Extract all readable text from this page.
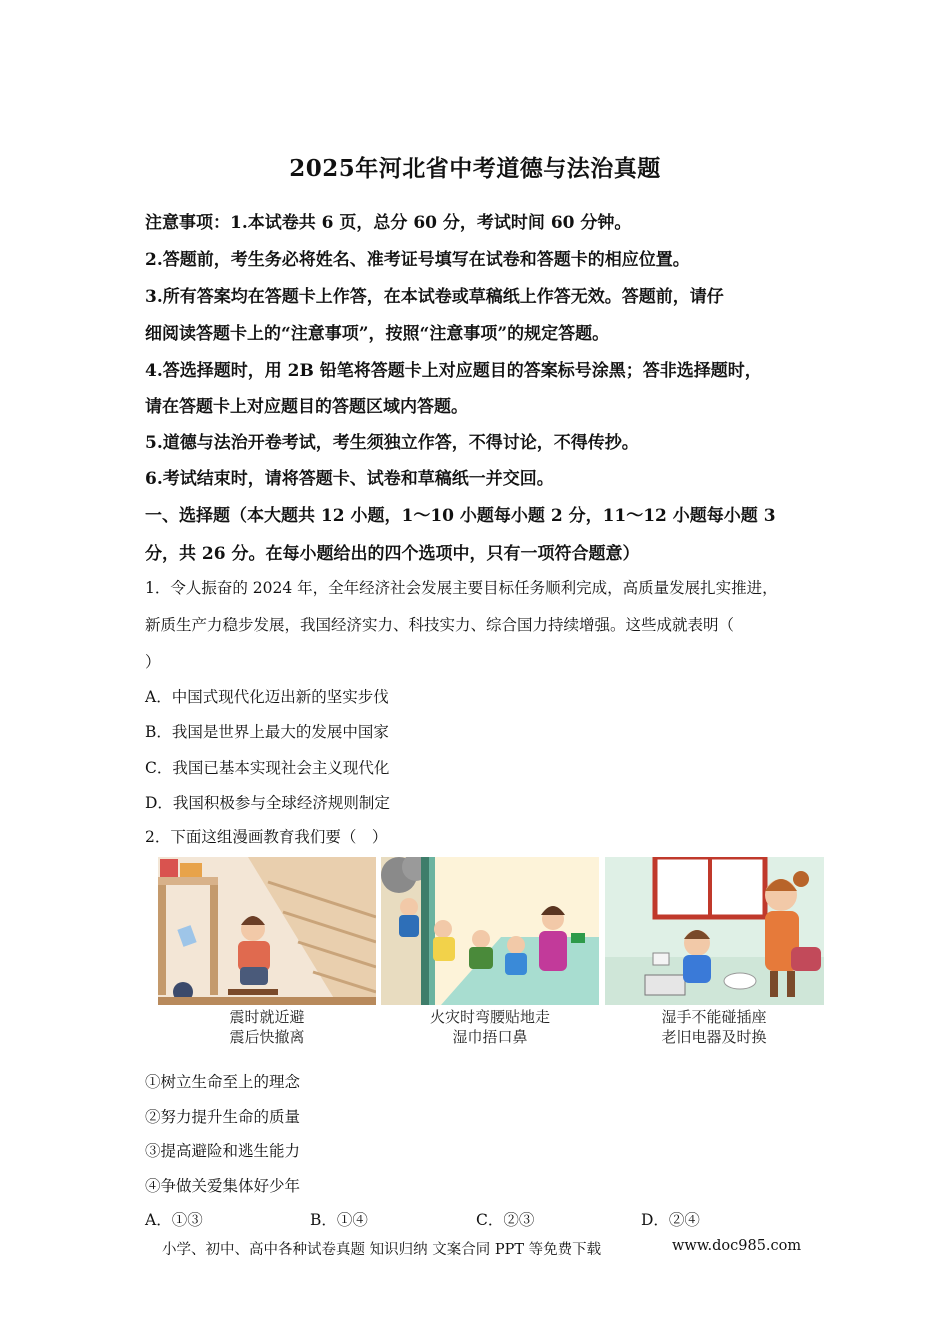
2025年河北省中考道德与法治真题
注意事项：1.本试卷共 6 页，总分 60 分，考试时间 60 分钟。
2.答题前，考生务必将姓名、准考证号填写在试卷和答题卡的相应位置。
3.所有答案均在答题卡上作答，在本试卷或草稿纸上作答无效。答题前，请仔
细阅读答题卡上的“注意事项”，按照“注意事项”的规定答题。
4.答选择题时，用 2B 铅笔将答题卡上对应题目的答案标号涂黑；答非选择题时，
请在答题卡上对应题目的答题区域内答题。
5.道德与法治开卷考试，考生须独立作答，不得讨论，不得传抄。
6.考试结束时，请将答题卡、试卷和草稿纸一并交回。
一、选择题（本大题共 12 小题，1～10 小题每小题 2 分，11～12 小题每小题 3
分，共 26 分。在每小题给出的四个选项中，只有一项符合题意）
1．令人振奋的 2024 年，全年经济社会发展主要目标任务顺利完成，高质量发展扎实推进，
新质生产力稳步发展，我国经济实力、科技实力、综合国力持续增强。这些成就表明（
）
A．中国式现代化迈出新的坚实步伐
B．我国是世界上最大的发展中国家
C．我国已基本实现社会主义现代化
D．我国积极参与全球经济规则制定
2．下面这组漫画教育我们要（　）
震时就近避
震后快撤离
火灾时弯腰贴地走
湿巾捂口鼻
湿手不能碰插座
老旧电器及时换
①树立生命至上的理念
②努力提升生命的质量
③提高避险和逃生能力
④争做关爱集体好少年
A．①③	B．①④	C．②③	D．②④
小学、初中、高中各种试卷真题 知识归纳 文案合同 PPT 等免费下载	www.doc985.com
